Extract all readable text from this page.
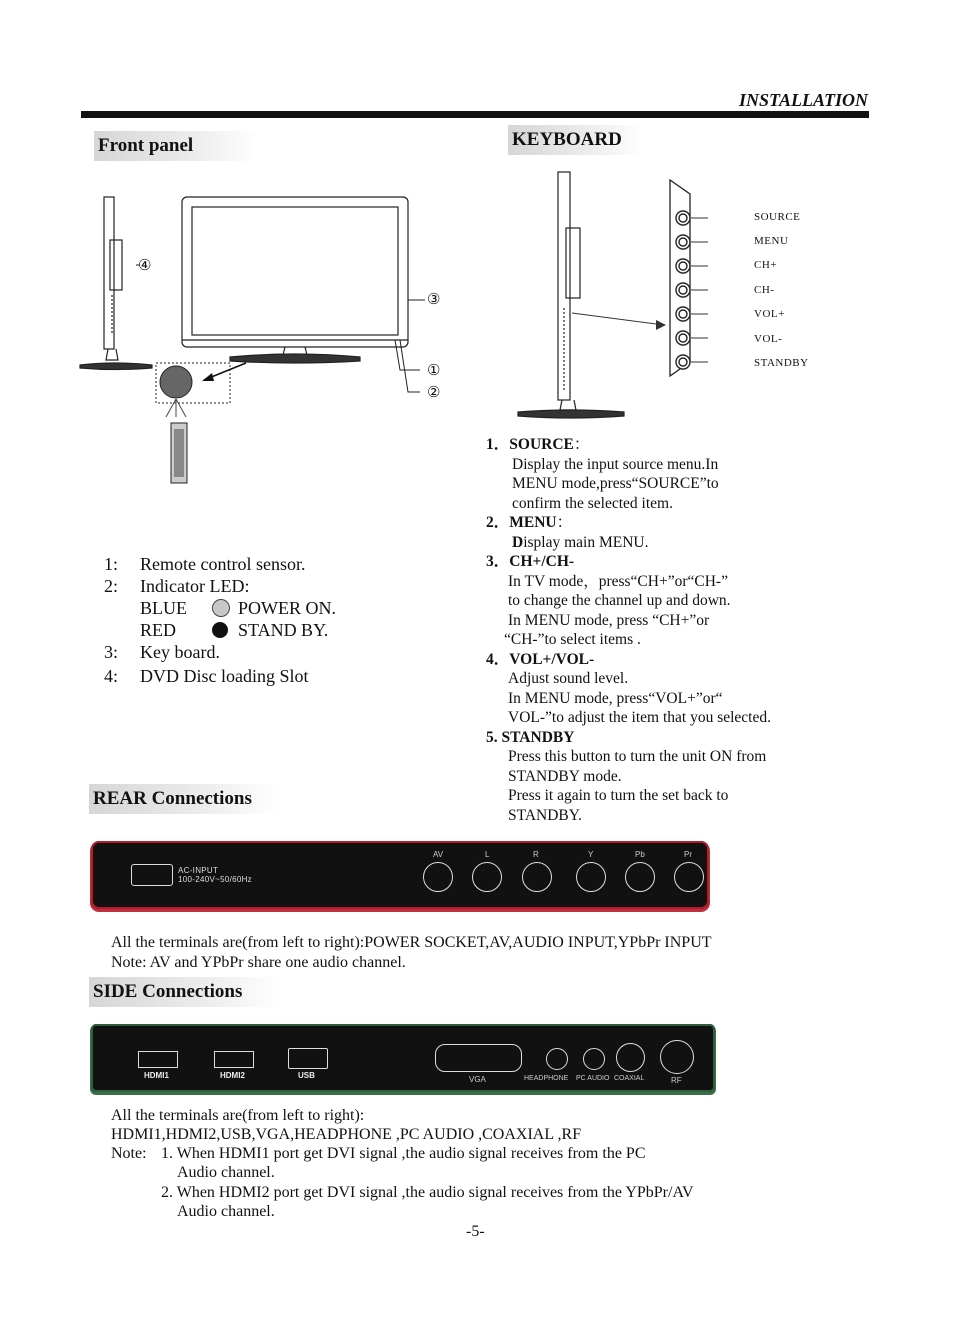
INSTALLATION
Front panel
④
③
①
②
1:	Remote control sensor.
2:	Indicator LED:
BLUE	POWER ON.
RED	STAND BY.
3:	Key board.
4:	DVD Disc loading Slot
KEYBOARD
SOURCE
MENU
CH+
CH-
VOL+
VOL-
STANDBY
1．SOURCE：
Display the input source menu.In
MENU mode,press“SOURCE”to
confirm the selected item.
2．MENU：
Display main MENU.
3．CH+/CH-
In TV mode，press“CH+”or“CH-”
to change the channel up and down.
In MENU mode, press “CH+”or
“CH-”to select items .
4．VOL+/VOL-
Adjust sound level.
In MENU mode, press“VOL+”or“
VOL-”to adjust the item that you selected.
5. STANDBY
Press this button to turn the unit ON from
STANDBY mode.
Press it again to turn the set back to
STANDBY.
REAR Connections
AC-INPUT
100-240V~50/60Hz
AV	L	R	Y	Pb	Pr
All the terminals are(from left to right):POWER SOCKET,AV,AUDIO INPUT,YPbPr INPUT
Note: AV and YPbPr share one audio channel.
SIDE Connections
HDMI1	HDMI2	USB	VGA	HEADPHONE PC AUDIO COAXIAL	RF
All the terminals are(from left to right):
HDMI1,HDMI2,USB,VGA,HEADPHONE ,PC AUDIO ,COAXIAL ,RF
Note: 1. When HDMI1 port get DVI signal ,the audio signal receives from the PC
Audio channel.
2. When HDMI2 port get DVI signal ,the audio signal receives from the YPbPr/AV
Audio channel.
-5-
